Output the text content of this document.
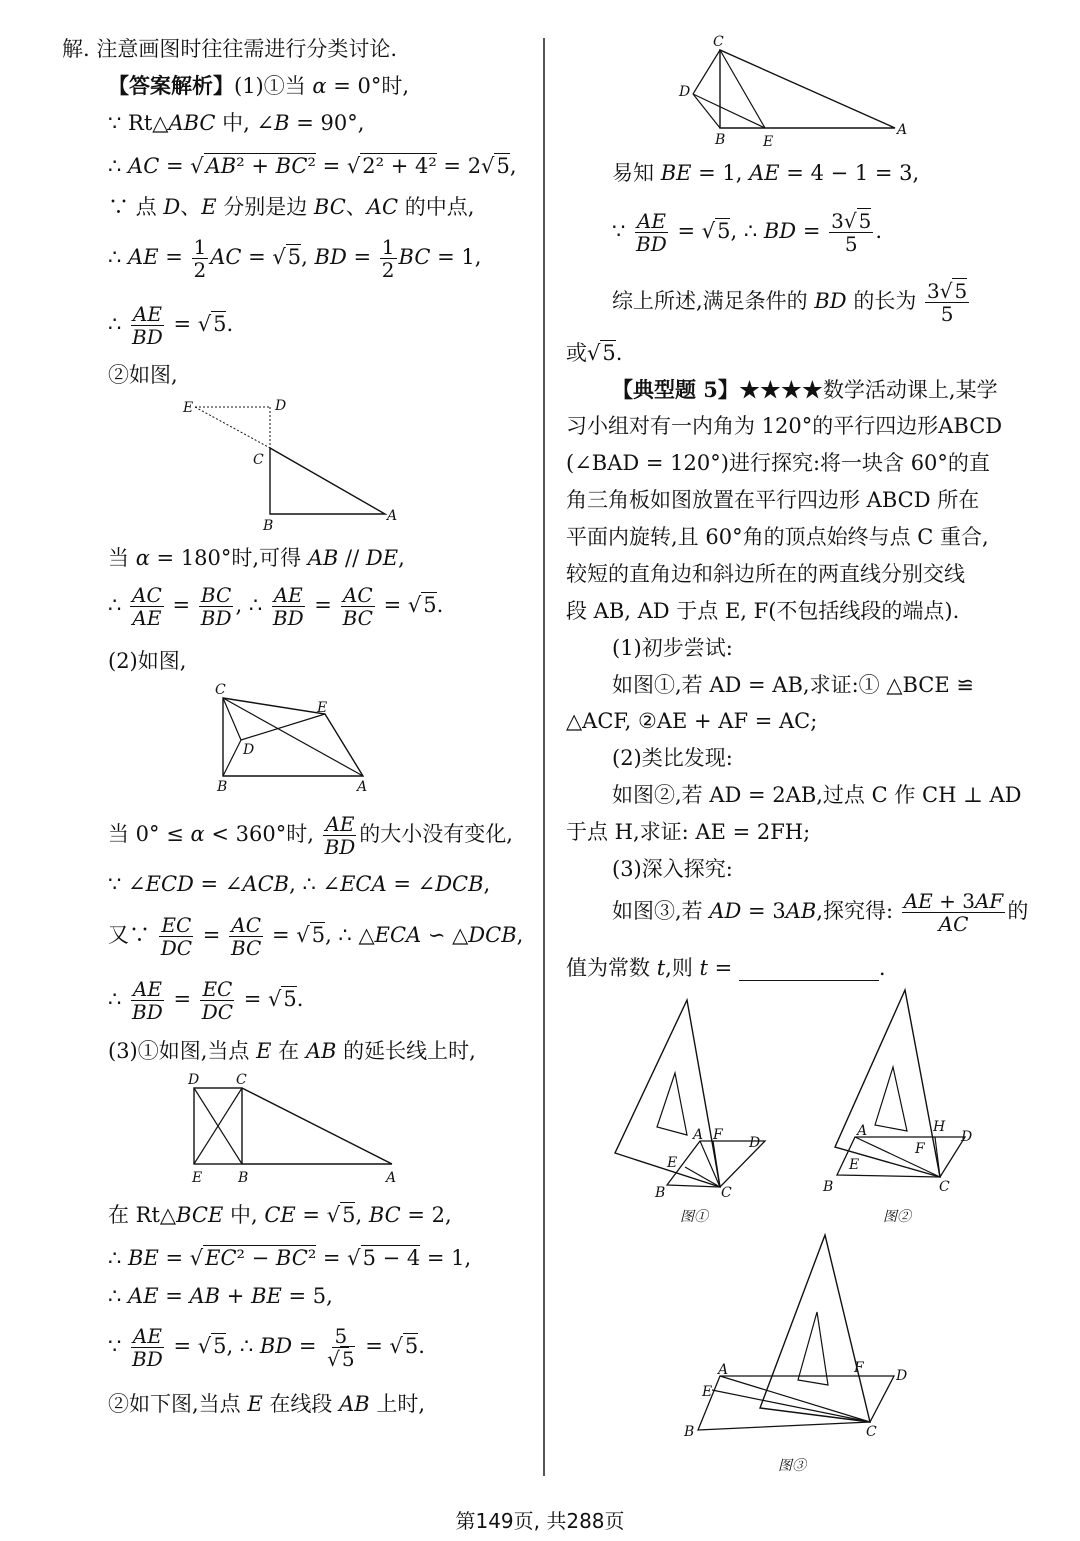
解. 注意画图时往往需进行分类讨论.
【答案解析】
(1)①当 α = 0°时,
∵ Rt△ABC 中, ∠B = 90°,
∴ AC = √AB² + BC² = √2² + 4² = 2√5,
∵ 点 D、E 分别是边 BC、AC 的中点,
∴ AE = $\frac{1}{2}$ AC = √5, BD = $\frac{1}{2}$ BC = 1,
∴ $\frac{AE}{BD} = √5$.
②如图,
E	D
C
B
A
当 α = 180°时,可得 AB // DE,
∴ $\frac{AC}{AE} = \frac{BC}{BD}$ , ∴ $\frac{AE}{BD} = \frac{AC}{BC} = √5$.
(2)如图,
C
E
D
B	A
当 0° ≤ α < 360°时, $\frac{AE}{BD}$ 的大小没有变化,
∵ ∠ECD = ∠ACB, ∴ ∠ECA = ∠DCB,
又∵ $\frac{EC}{DC} = \frac{AC}{BC} = √5$, ∴ △ECA ∽ △DCB,
∴ $\frac{AE}{BD} = \frac{EC}{DC} = √5$.
(3)①如图,当点 E 在 AB 的延长线上时,
D	C
E	B	A
在 Rt△BCE 中, CE = √5, BC = 2,
∴ BE = √EC² − BC² = √5 − 4 = 1,
∴ AE = AB + BE = 5,
∵ $\frac{AE}{BD} = √5$, ∴ BD = $\frac{5}{√ 5} = √5$.
②如下图,当点 E 在线段 AB 上时,
C
D
B	E
A
易知 BE = 1, AE = 4 − 1 = 3,
∵ $\frac{AE}{BD} = √5$, ∴ BD = $\frac{3√ 5}{5}$ .
综上所述,满足条件的 BD 的长为 $\frac{3√ 5}{5}$
或√5.
【典型题 5】★★★★数学活动课上,某学
习小组对有一内角为 120°的平行四边形ABCD
(∠BAD = 120°)进行探究:将一块含 60°的直
角三角板如图放置在平行四边形 ABCD 所在
平面内旋转,且 60°角的顶点始终与点 C 重合,
较短的直角边和斜边所在的两直线分别交线
段 AB, AD 于点 E, F(不包括线段的端点).
(1)初步尝试:
如图①,若 AD = AB,求证:① △BCE ≌
△ACF, ②AE + AF = AC;
(2)类比发现:
如图②,若 AD = 2AB,过点 C 作 CH ⊥ AD
于点 H,求证: AE = 2FH;
(3)深入探究:
如图③,若 AD = 3AB,探究得: $\frac{AE + 3AF}{AC}$ 的
值为常数 t,则 t =	.
A F D
E
B	C
图①
A	H
D
F
E
B	C
图②
A	F D
E
B	C
图③
第149页, 共288页
